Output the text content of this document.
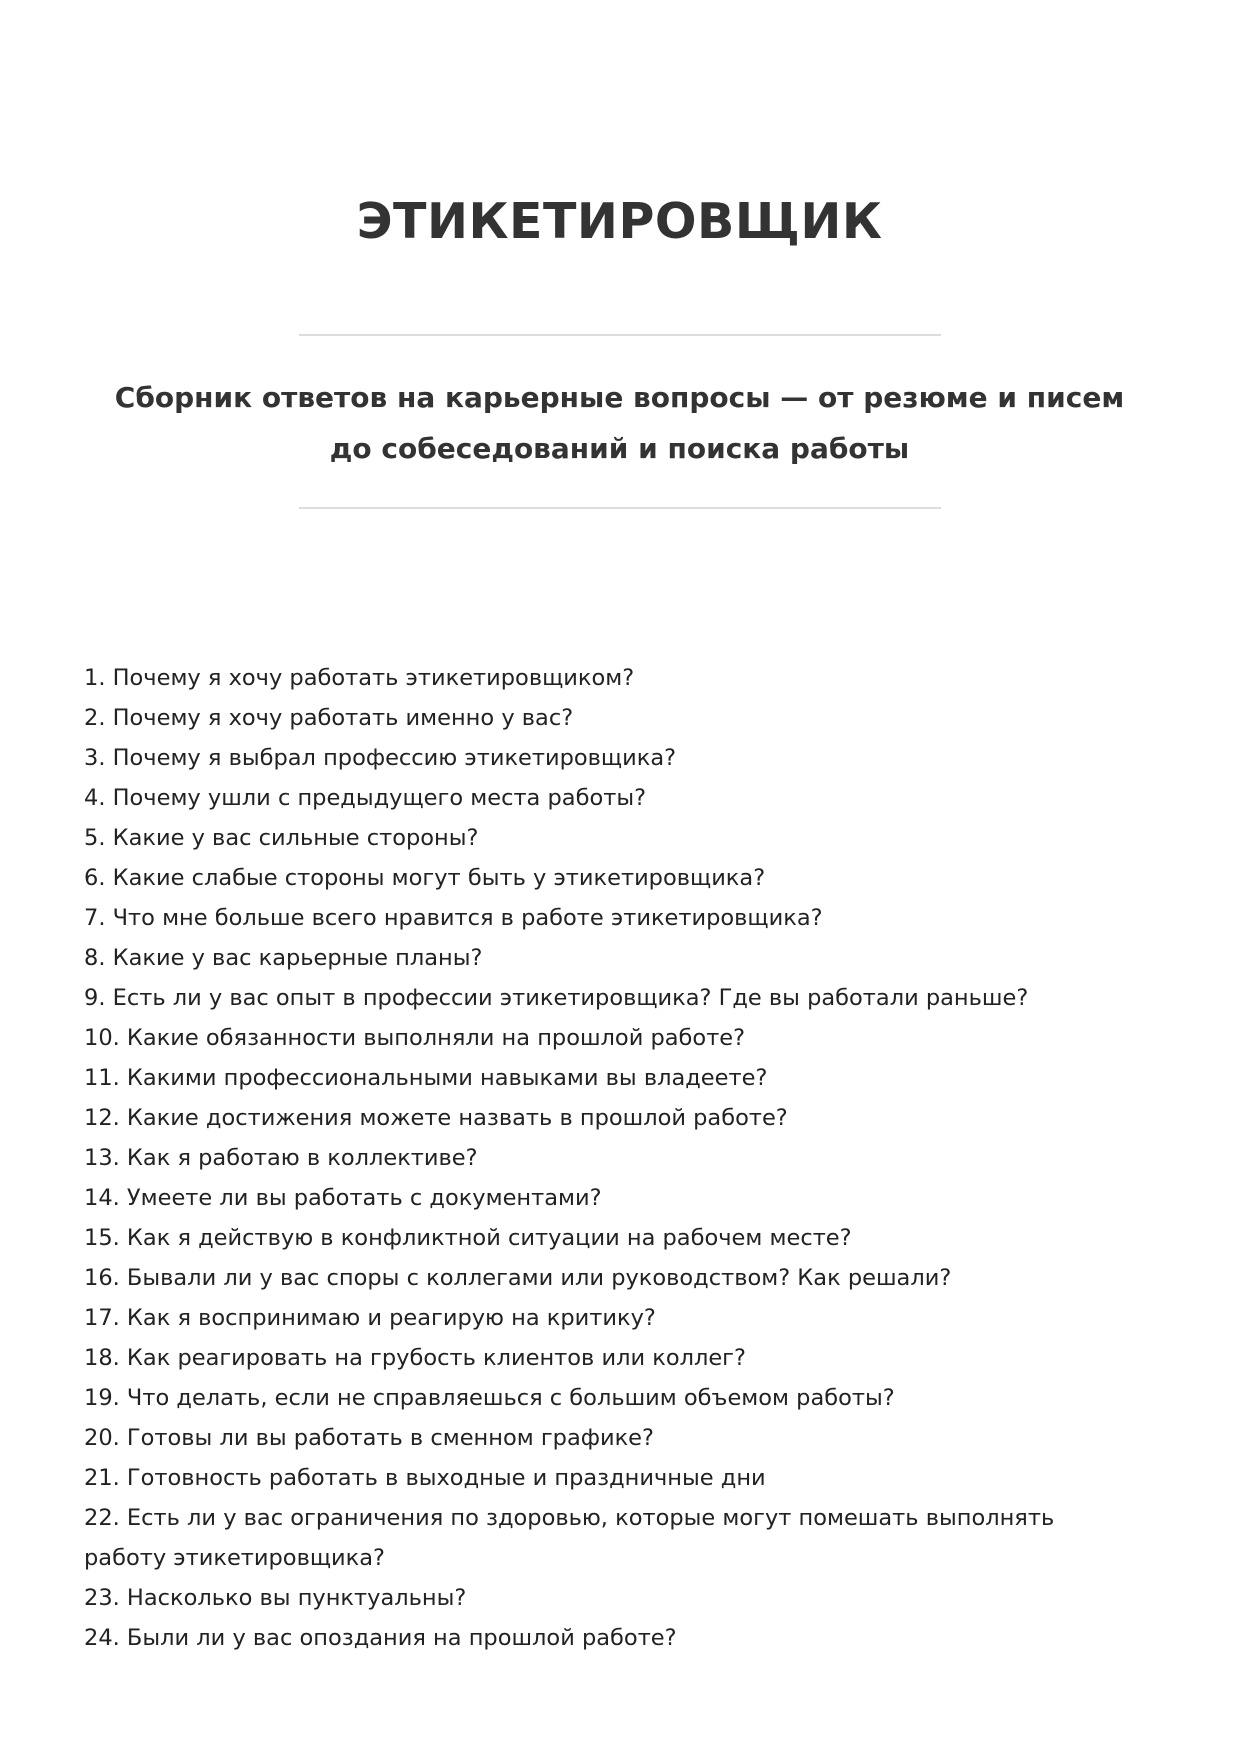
ЭТИКЕТИРОВЩИК
Сборник ответов на карьерные вопросы — от резюме и писем до собеседований и поиска работы
1. Почему я хочу работать этикетировщиком?
2. Почему я хочу работать именно у вас?
3. Почему я выбрал профессию этикетировщика?
4. Почему ушли с предыдущего места работы?
5. Какие у вас сильные стороны?
6. Какие слабые стороны могут быть у этикетировщика?
7. Что мне больше всего нравится в работе этикетировщика?
8. Какие у вас карьерные планы?
9. Есть ли у вас опыт в профессии этикетировщика? Где вы работали раньше?
10. Какие обязанности выполняли на прошлой работе?
11. Какими профессиональными навыками вы владеете?
12. Какие достижения можете назвать в прошлой работе?
13. Как я работаю в коллективе?
14. Умеете ли вы работать с документами?
15. Как я действую в конфликтной ситуации на рабочем месте?
16. Бывали ли у вас споры с коллегами или руководством? Как решали?
17. Как я воспринимаю и реагирую на критику?
18. Как реагировать на грубость клиентов или коллег?
19. Что делать, если не справляешься с большим объемом работы?
20. Готовы ли вы работать в сменном графике?
21. Готовность работать в выходные и праздничные дни
22. Есть ли у вас ограничения по здоровью, которые могут помешать выполнять работу этикетировщика?
23. Насколько вы пунктуальны?
24. Были ли у вас опоздания на прошлой работе?
